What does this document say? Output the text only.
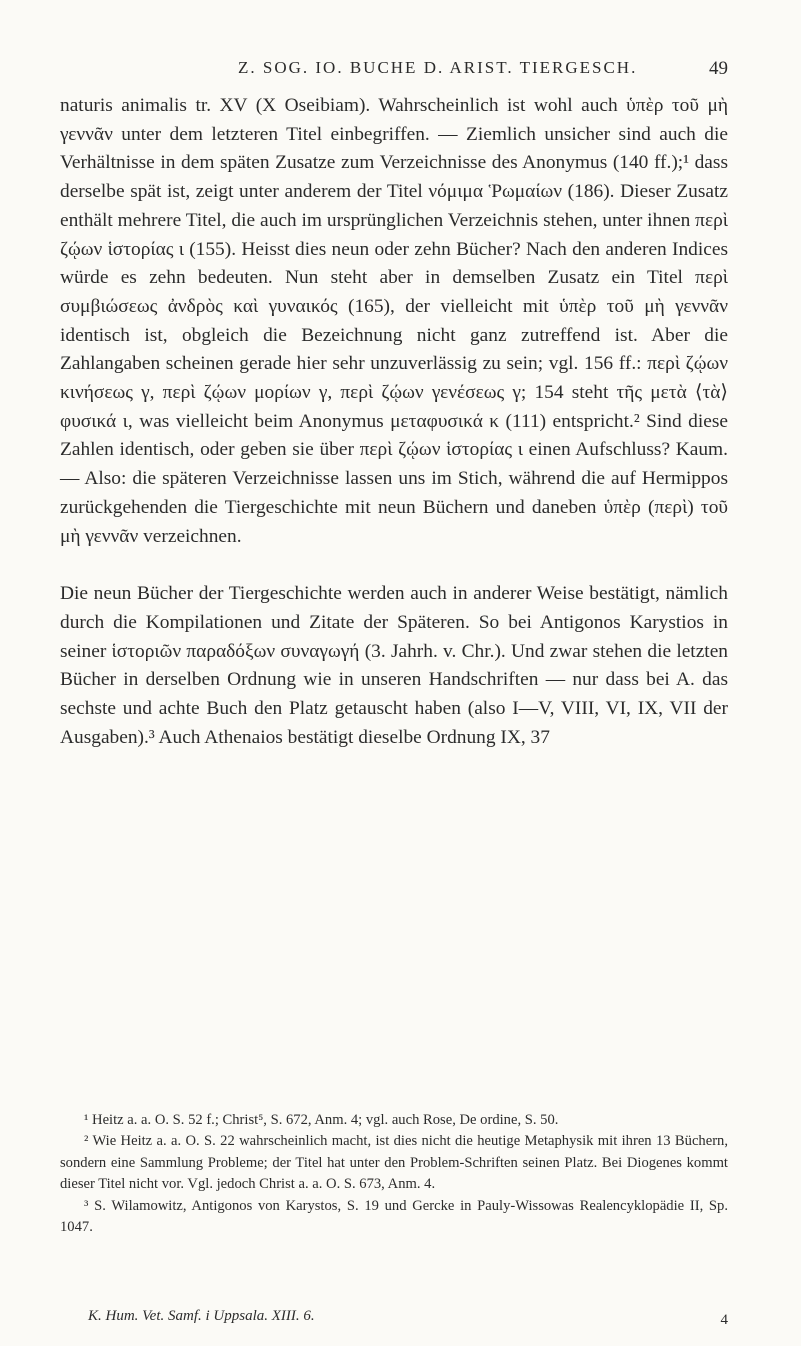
Z. SOG. IO. BUCHE D. ARIST. TIERGESCH.	49

naturis animalis tr. XV (X Oseibiam). Wahrscheinlich ist wohl auch ὑπὲρ τοῦ μὴ γεννᾶν unter dem letzteren Titel einbegriffen. — Ziemlich unsicher sind auch die Verhältnisse in dem späten Zusatze zum Verzeichnisse des Anonymus (140 ff.);¹ dass derselbe spät ist, zeigt unter anderem der Titel νόμιμα Ῥωμαίων (186). Dieser Zusatz enthält mehrere Titel, die auch im ursprünglichen Verzeichnis stehen, unter ihnen περὶ ζῴων ἱστορίας ι (155). Heisst dies neun oder zehn Bücher? Nach den anderen Indices würde es zehn bedeuten. Nun steht aber in demselben Zusatz ein Titel περὶ συμβιώσεως ἀνδρὸς καὶ γυναικός (165), der vielleicht mit ὑπὲρ τοῦ μὴ γεννᾶν identisch ist, obgleich die Bezeichnung nicht ganz zutreffend ist. Aber die Zahlangaben scheinen gerade hier sehr unzuverlässig zu sein; vgl. 156 ff.: περὶ ζῴων κινήσεως γ, περὶ ζῴων μορίων γ, περὶ ζῴων γενέσεως γ; 154 steht τῆς μετὰ ⟨τὰ⟩ φυσικά ι, was vielleicht beim Anonymus μεταφυσικά κ (111) entspricht.² Sind diese Zahlen identisch, oder geben sie über περὶ ζῴων ἱστορίας ι einen Aufschluss? Kaum. — Also: die späteren Verzeichnisse lassen uns im Stich, während die auf Hermippos zurückgehenden die Tiergeschichte mit neun Büchern und daneben ὑπὲρ (περὶ) τοῦ μὴ γεννᾶν verzeichnen.

Die neun Bücher der Tiergeschichte werden auch in anderer Weise bestätigt, nämlich durch die Kompilationen und Zitate der Späteren. So bei Antigonos Karystios in seiner ἱστοριῶν παραδόξων συναγωγή (3. Jahrh. v. Chr.). Und zwar stehen die letzten Bücher in derselben Ordnung wie in unseren Handschriften — nur dass bei A. das sechste und achte Buch den Platz getauscht haben (also I—V, VIII, VI, IX, VII der Ausgaben).³ Auch Athenaios bestätigt dieselbe Ordnung IX, 37

¹ Heitz a. a. O. S. 52 f.; Christ⁵, S. 672, Anm. 4; vgl. auch Rose, De ordine, S. 50.

² Wie Heitz a. a. O. S. 22 wahrscheinlich macht, ist dies nicht die heutige Metaphysik mit ihren 13 Büchern, sondern eine Sammlung Probleme; der Titel hat unter den Problem-Schriften seinen Platz. Bei Diogenes kommt dieser Titel nicht vor. Vgl. jedoch Christ a. a. O. S. 673, Anm. 4.

³ S. Wilamowitz, Antigonos von Karystos, S. 19 und Gercke in Pauly-Wissowas Realencyklopädie II, Sp. 1047.

K. Hum. Vet. Samf. i Uppsala. XIII. 6.	4
